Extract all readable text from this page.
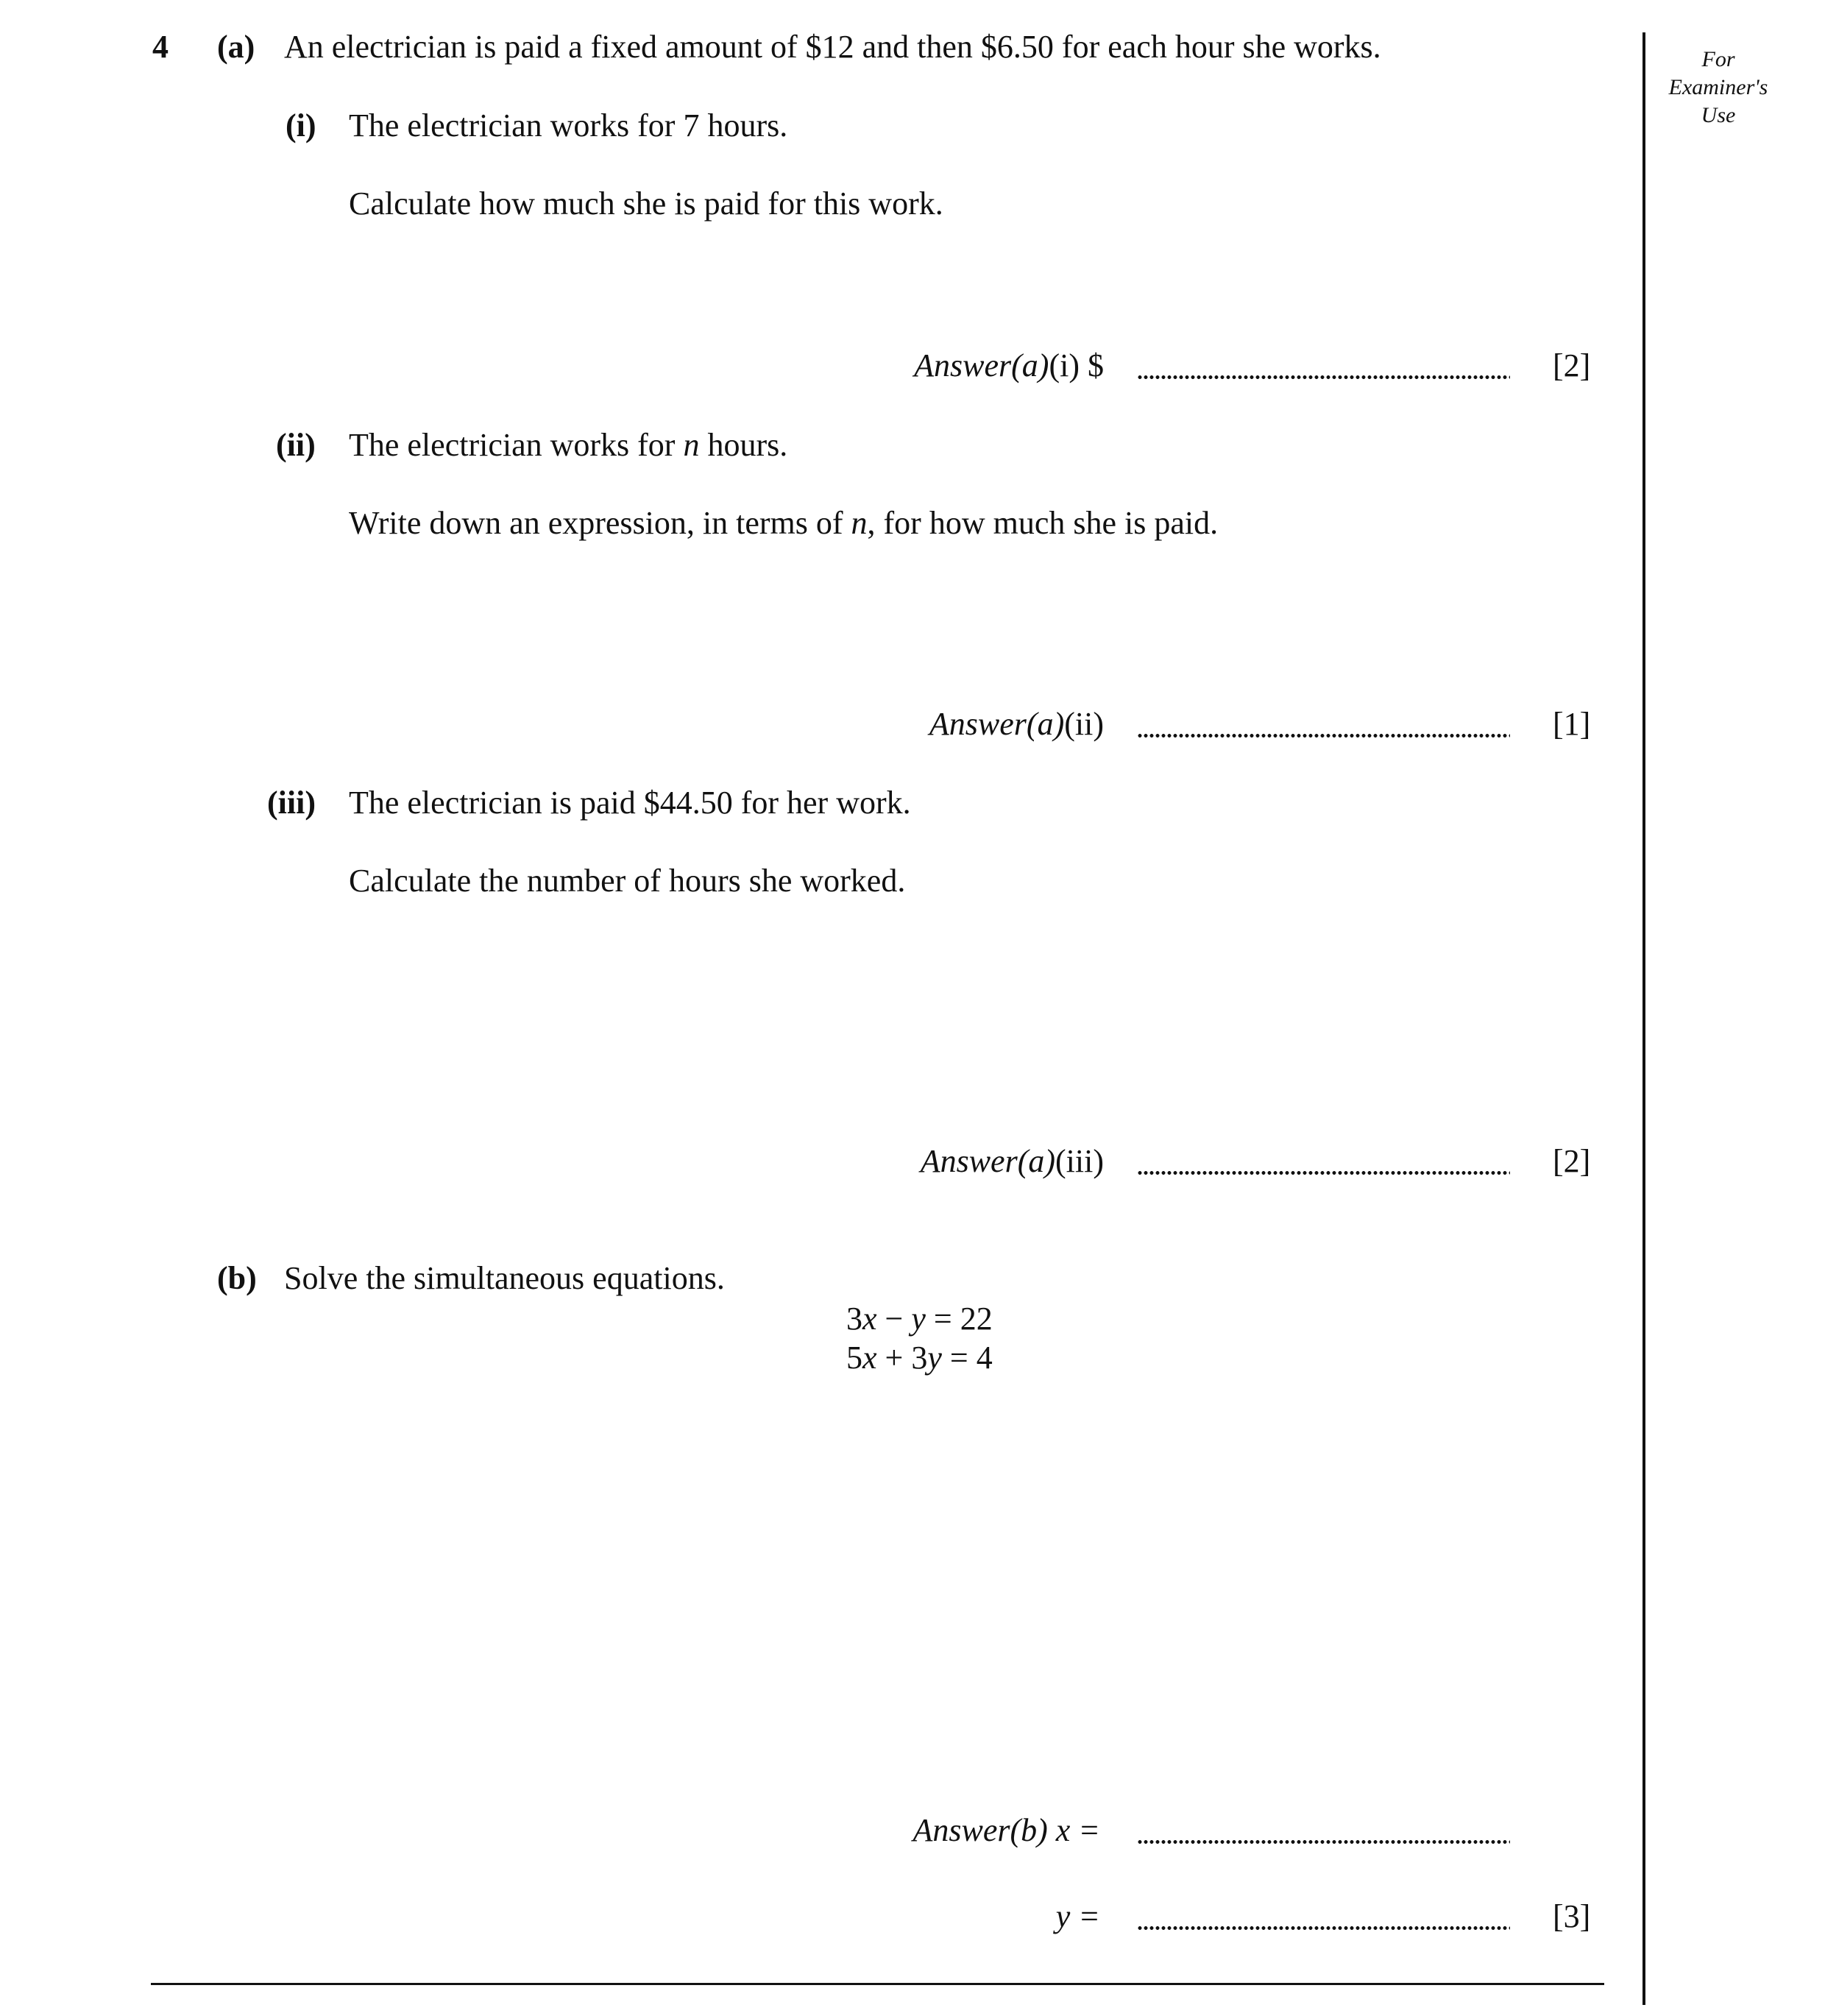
For Examiner's Use
4 (a) An electrician is paid a fixed amount of $12 and then $6.50 for each hour she works.
(i) The electrician works for 7 hours.
Calculate how much she is paid for this work.
Answer(a)(i) $	[2]
(ii) The electrician works for n hours.
Write down an expression, in terms of n, for how much she is paid.
Answer(a)(ii)	[1]
(iii) The electrician is paid $44.50 for her work.
Calculate the number of hours she worked.
Answer(a)(iii)	[2]
(b) Solve the simultaneous equations.
3x − y = 22
5x + 3y = 4
Answer(b) x =
y =	[3]
